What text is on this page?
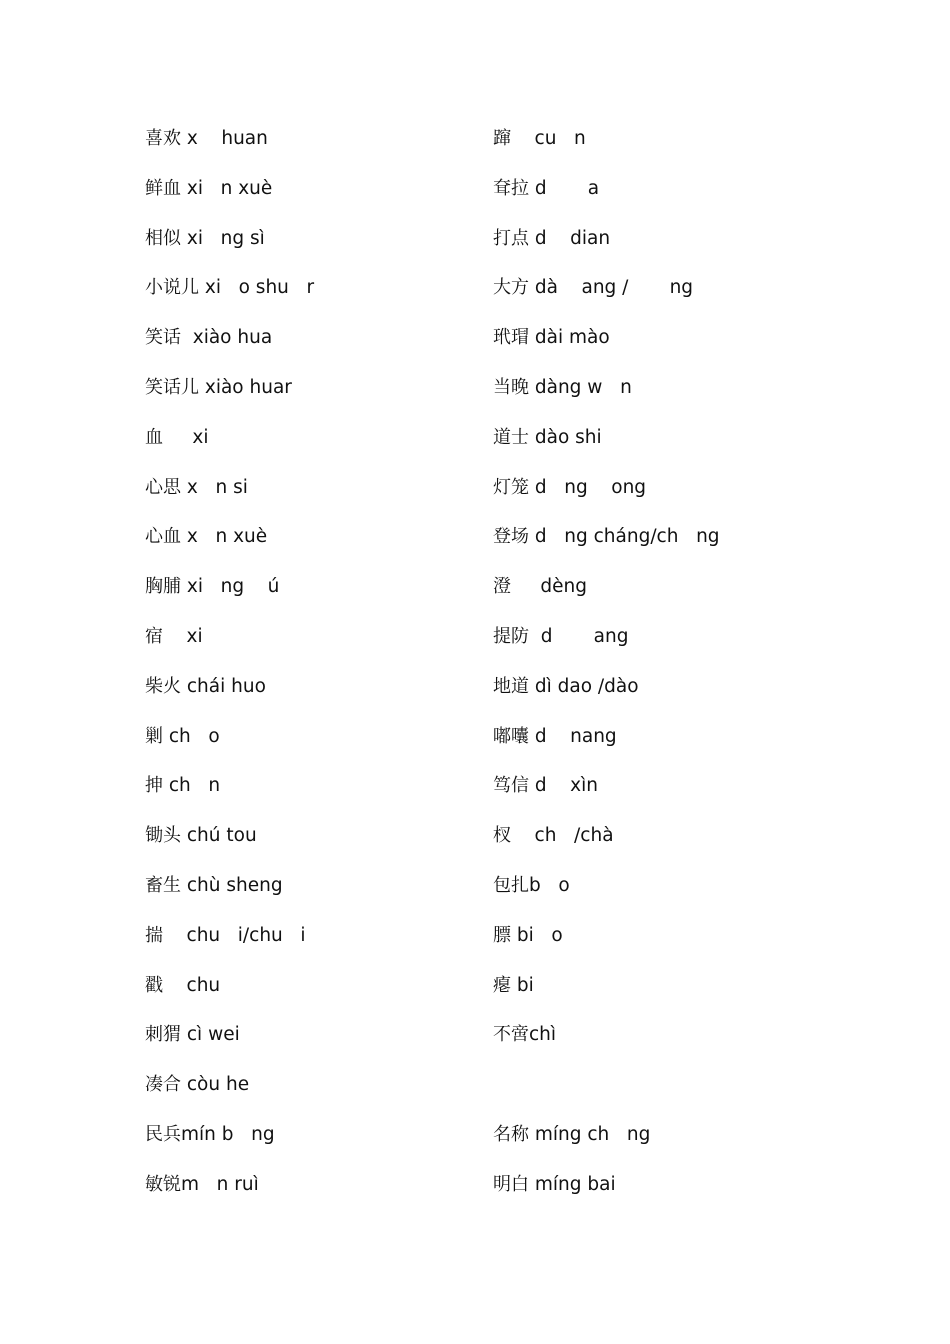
喜欢 x    huan
鲜血 xi   n xuè
相似 xi   ng sì
小说儿 xi   o shu   r
笑话  xiào hua
笑话儿 xiào huar
血     xi
心思 x   n si
心血 x   n xuè
胸脯 xi   ng    ú
宿    xi
柴火 chái huo
剿 ch   o
抻 ch   n
锄头 chú tou
畜生 chù sheng
揣    chu   i/chu   i
戳    chu
刺猬 cì wei
凑合 còu he
民兵mín b   ng
敏锐m   n ruì
蹿    cu   n
耷拉 d       a
打点 d    dian
大方 dà    ang /       ng
玳瑁 dài mào
当晚 dàng w   n
道士 dào shi
灯笼 d   ng    ong
登场 d   ng cháng/ch   ng
澄     dèng
提防  d       ang
地道 dì dao /dào
嘟囔 d    nang
笃信 d    xìn
杈    ch   /chà
包扎b   o
膘 bi   o
瘪 bi
不啻chì
名称 míng ch   ng
明白 míng bai
